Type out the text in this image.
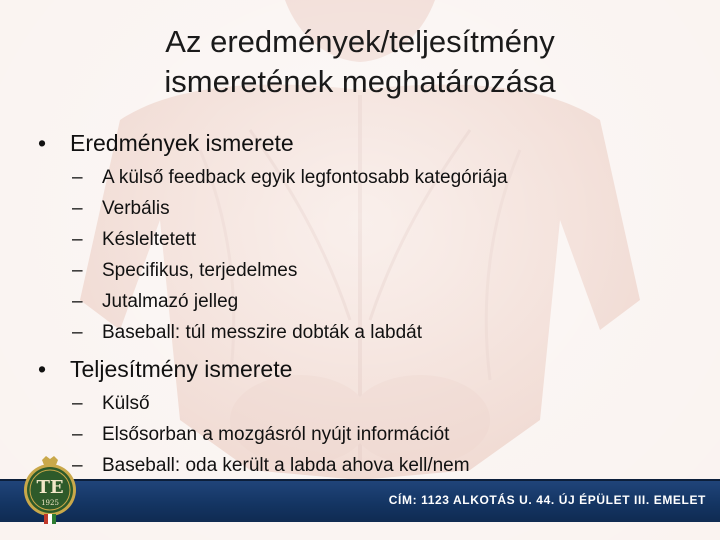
Az eredmények/teljesítmény
ismeretének meghatározása

• Eredmények ismerete

– A külső feedback egyik legfontosabb kategóriája
– Verbális
– Késleltetett
– Specifikus, terjedelmes
– Jutalmazó jelleg
– Baseball: túl messzire dobták a labdát

• Teljesítmény ismerete

– Külső
– Elsősorban a mozgásról nyújt információt
– Baseball: oda került a labda ahova kell/nem
CÍM: 1123 ALKOTÁS U. 44. ÚJ ÉPÜLET III. EMELET
TE
1925
